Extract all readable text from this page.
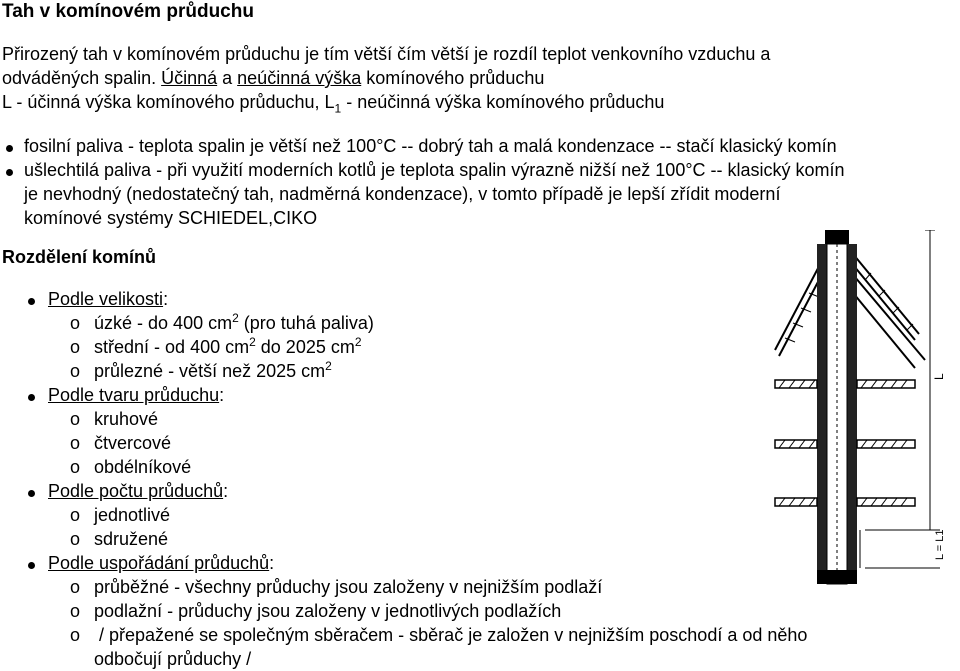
Tah v komínovém průduchu
Přirozený tah v komínovém průduchu je tím větší čím větší je rozdíl teplot venkovního vzduchu a
odváděných spalin. Účinná a neúčinná výška komínového průduchu
L - účinná výška komínového průduchu, $L_1$ - neúčinná výška komínového průduchu
fosilní paliva - teplota spalin je větší než 100°C -- dobrý tah a malá kondenzace -- stačí klasický komín
ušlechtilá paliva - při využití moderních kotlů je teplota spalin výrazně nižší než 100°C -- klasický komín
je nevhodný (nedostatečný tah, nadměrná kondenzace), v tomto případě je lepší zřídit moderní
komínové systémy SCHIEDEL,CIKO
Rozdělení komínů
Podle velikosti:
o úzké - do 400 $cm^2$ (pro tuhá paliva)
o střední - od 400 $cm^2$ do 2025 $cm^2$
o průlezné - větší než 2025 $cm^2$
Podle tvaru průduchu:
o kruhové
o čtvercové
o obdélníkové
Podle počtu průduchů:
o jednotlivé
o sdružené
Podle uspořádání průduchů:
o průběžné - všechny průduchy jsou založeny v nejnižším podlaží
o podlažní - průduchy jsou založeny v jednotlivých podlažích
o / přepažené se společným sběračem - sběrač je založen v nejnižším poschodí a od něho
odbočují průduchy /
L
L = L1
